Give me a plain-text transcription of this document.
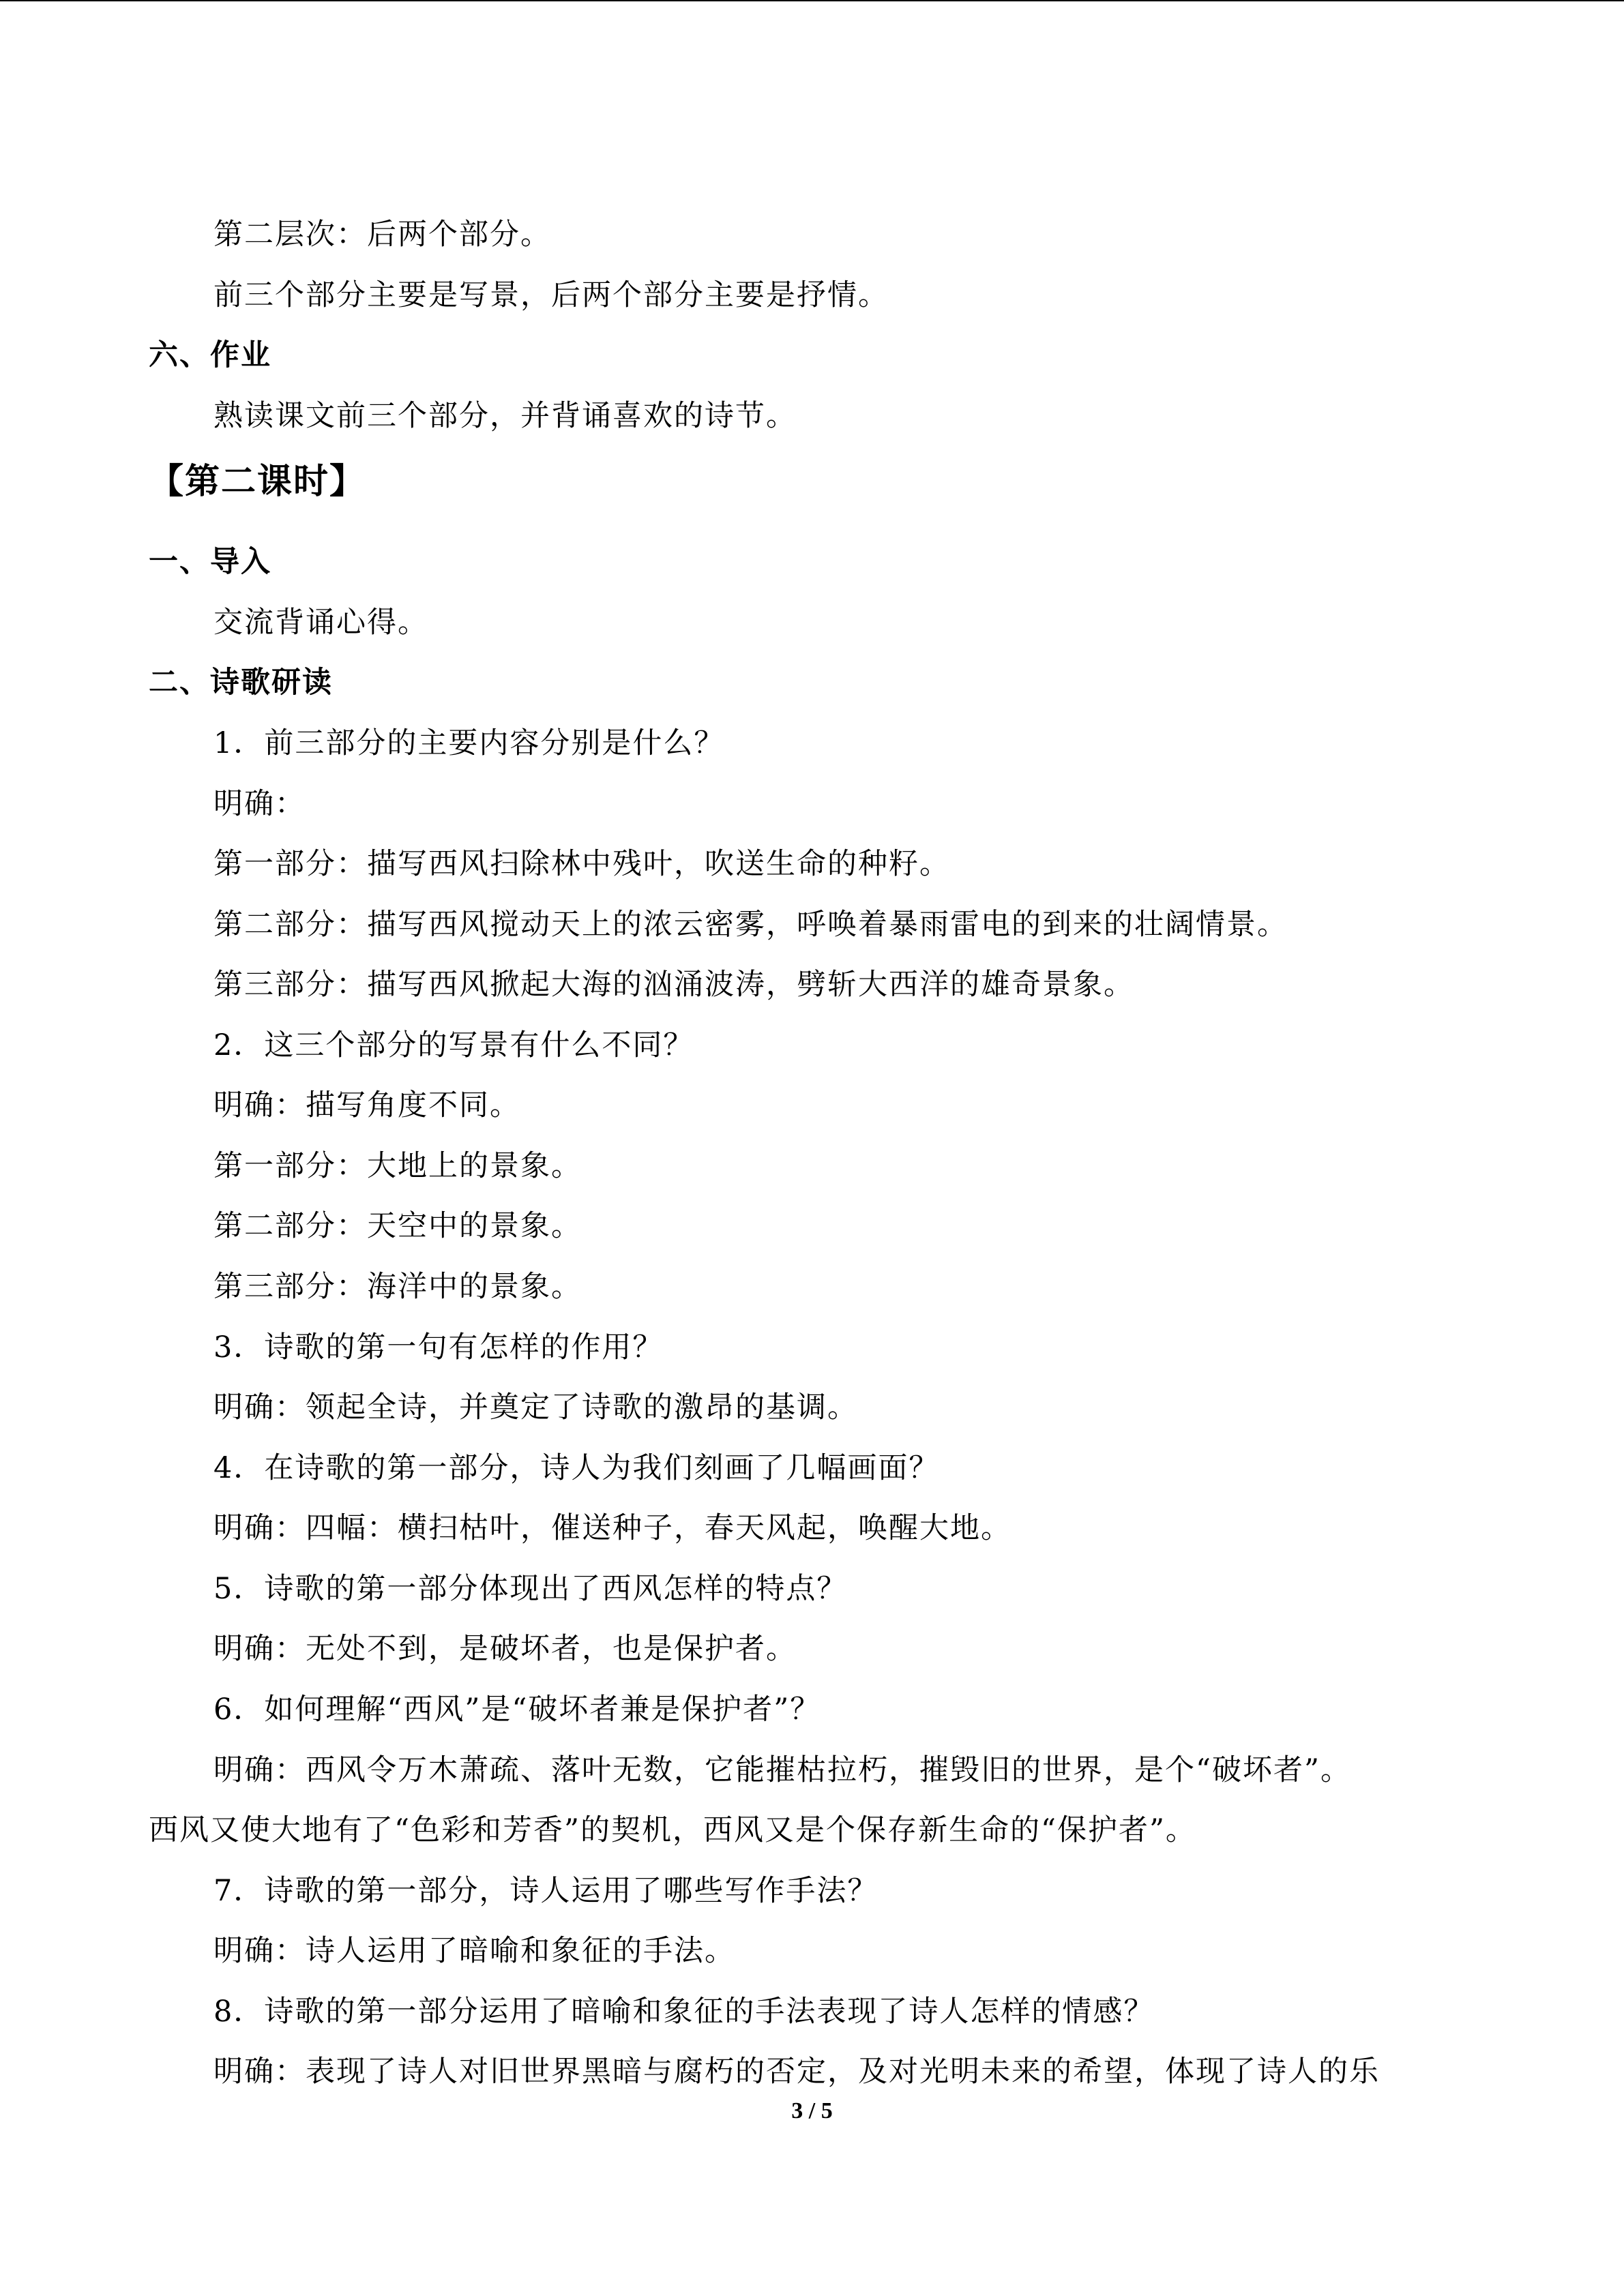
第二层次：后两个部分。
前三个部分主要是写景，后两个部分主要是抒情。
六、作业
熟读课文前三个部分，并背诵喜欢的诗节。
【第二课时】
一、导入
交流背诵心得。
二、诗歌研读
1．前三部分的主要内容分别是什么？
明确：
第一部分：描写西风扫除林中残叶，吹送生命的种籽。
第二部分：描写西风搅动天上的浓云密雾，呼唤着暴雨雷电的到来的壮阔情景。
第三部分：描写西风掀起大海的汹涌波涛，劈斩大西洋的雄奇景象。
2．这三个部分的写景有什么不同？
明确：描写角度不同。
第一部分：大地上的景象。
第二部分：天空中的景象。
第三部分：海洋中的景象。
3．诗歌的第一句有怎样的作用？
明确：领起全诗，并奠定了诗歌的激昂的基调。
4．在诗歌的第一部分，诗人为我们刻画了几幅画面？
明确：四幅：横扫枯叶，催送种子，春天风起，唤醒大地。
5．诗歌的第一部分体现出了西风怎样的特点？
明确：无处不到，是破坏者，也是保护者。
6．如何理解“西风”是“破坏者兼是保护者”？
明确：西风令万木萧疏、落叶无数，它能摧枯拉朽，摧毁旧的世界，是个“破坏者”。
西风又使大地有了“色彩和芳香”的契机，西风又是个保存新生命的“保护者”。
7．诗歌的第一部分，诗人运用了哪些写作手法？
明确：诗人运用了暗喻和象征的手法。
8．诗歌的第一部分运用了暗喻和象征的手法表现了诗人怎样的情感？
明确：表现了诗人对旧世界黑暗与腐朽的否定，及对光明未来的希望，体现了诗人的乐
3 / 5
